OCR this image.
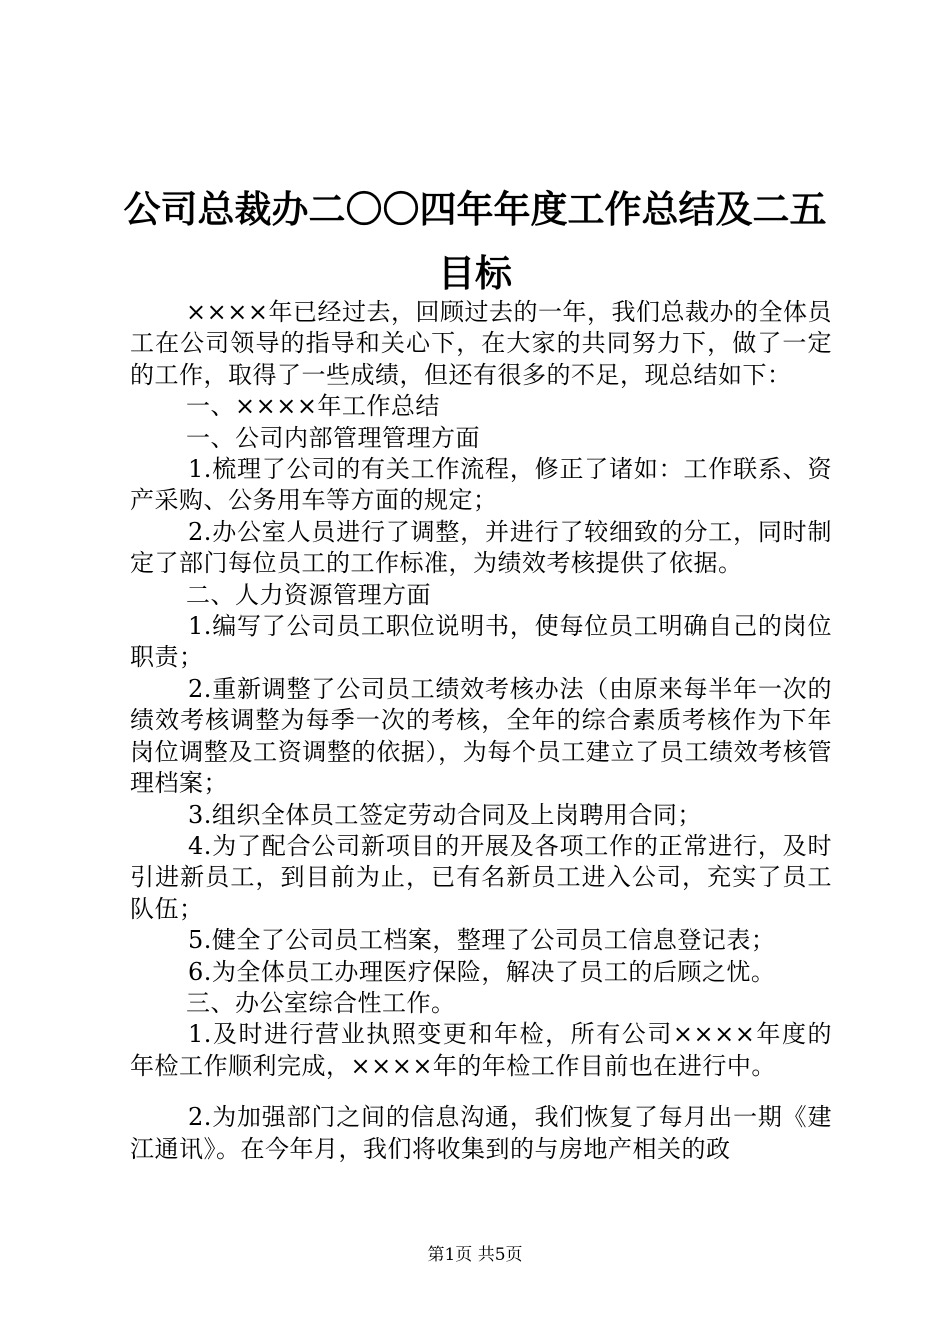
公司总裁办二〇〇四年年度工作总结及二五目标

××××年已经过去，回顾过去的一年，我们总裁办的全体员工在公司领导的指导和关心下，在大家的共同努力下，做了一定的工作，取得了一些成绩，但还有很多的不足，现总结如下：

一、××××年工作总结

一、公司内部管理管理方面

1.梳理了公司的有关工作流程，修正了诸如：工作联系、资产采购、公务用车等方面的规定；

2.办公室人员进行了调整，并进行了较细致的分工，同时制定了部门每位员工的工作标准，为绩效考核提供了依据。

二、人力资源管理方面

1.编写了公司员工职位说明书，使每位员工明确自己的岗位职责；

2.重新调整了公司员工绩效考核办法（由原来每半年一次的绩效考核调整为每季一次的考核，全年的综合素质考核作为下年岗位调整及工资调整的依据），为每个员工建立了员工绩效考核管理档案；

3.组织全体员工签定劳动合同及上岗聘用合同；

4.为了配合公司新项目的开展及各项工作的正常进行，及时引进新员工，到目前为止，已有名新员工进入公司，充实了员工队伍；

5.健全了公司员工档案，整理了公司员工信息登记表；

6.为全体员工办理医疗保险，解决了员工的后顾之忧。

三、办公室综合性工作。

1.及时进行营业执照变更和年检，所有公司××××年度的年检工作顺利完成，××××年的年检工作目前也在进行中。

2.为加强部门之间的信息沟通，我们恢复了每月出一期《建江通讯》。在今年月，我们将收集到的与房地产相关的政

第1页 共5页
